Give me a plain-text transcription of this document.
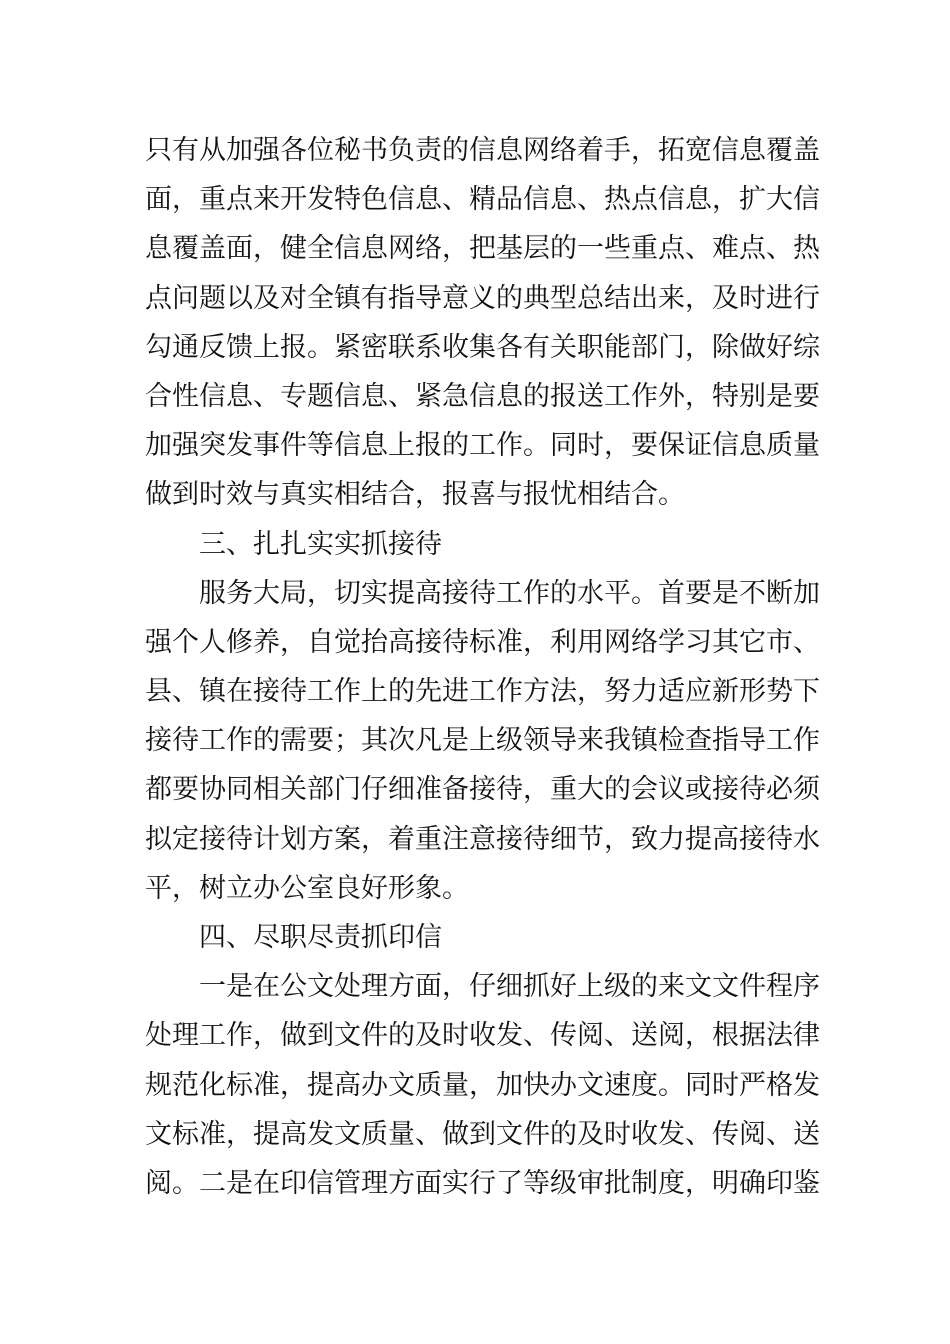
只有从加强各位秘书负责的信息网络着手，拓宽信息覆盖
面，重点来开发特色信息、精品信息、热点信息，扩大信
息覆盖面，健全信息网络，把基层的一些重点、难点、热
点问题以及对全镇有指导意义的典型总结出来，及时进行
勾通反馈上报。紧密联系收集各有关职能部门，除做好综
合性信息、专题信息、紧急信息的报送工作外，特别是要
加强突发事件等信息上报的工作。同时，要保证信息质量
做到时效与真实相结合，报喜与报忧相结合。
三、扎扎实实抓接待
服务大局，切实提高接待工作的水平。首要是不断加
强个人修养，自觉抬高接待标准，利用网络学习其它市、
县、镇在接待工作上的先进工作方法，努力适应新形势下
接待工作的需要；其次凡是上级领导来我镇检查指导工作
都要协同相关部门仔细准备接待，重大的会议或接待必须
拟定接待计划方案，着重注意接待细节，致力提高接待水
平，树立办公室良好形象。
四、尽职尽责抓印信
一是在公文处理方面，仔细抓好上级的来文文件程序
处理工作，做到文件的及时收发、传阅、送阅，根据法律
规范化标准，提高办文质量，加快办文速度。同时严格发
文标准，提高发文质量、做到文件的及时收发、传阅、送
阅。二是在印信管理方面实行了等级审批制度，明确印鉴
